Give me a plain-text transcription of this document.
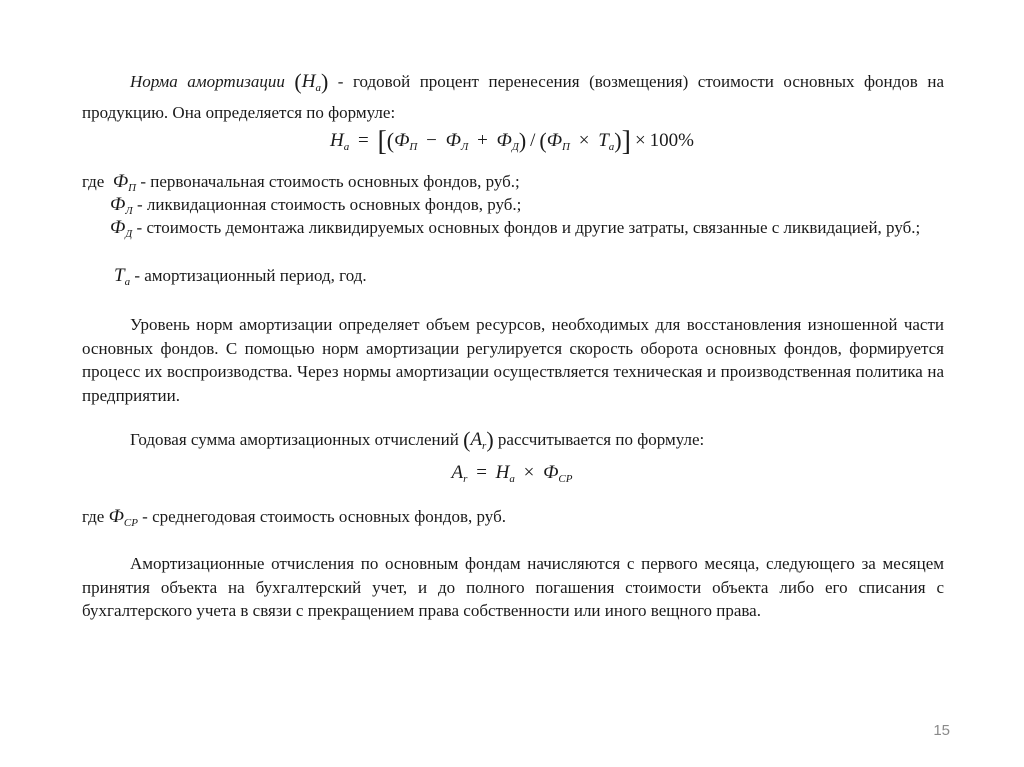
Норма амортизации $(H_а)$ - годовой процент перенесения (возмещения) стоимости основных фондов на продукцию. Она определяется по формуле:
$H_а = [(Ф_П - Ф_Л + Ф_Д) / (Ф_П \times T_а)] \times 100\%$
где $Ф_П$ - первоначальная стоимость основных фондов, руб.;
$Ф_Л$ - ликвидационная стоимость основных фондов, руб.;
$Ф_Д$ - стоимость демонтажа ликвидируемых основных фондов и другие затраты, связанные с ликвидацией, руб.;
$T_а$ - амортизационный период, год.
Уровень норм амортизации определяет объем ресурсов, необходимых для восстановления изношенной части основных фондов. С помощью норм амортизации регулируется скорость оборота основных фондов, формируется процесс их воспроизводства. Через нормы амортизации осуществляется техническая и производственная политика на предприятии.
Годовая сумма амортизационных отчислений $(A_r)$ рассчитывается по формуле:
$A_r = H_а \times Ф_{СР}$
где $Ф_{СР}$ - среднегодовая стоимость основных фондов, руб.
Амортизационные отчисления по основным фондам начисляются с первого месяца, следующего за месяцем принятия объекта на бухгалтерский учет, и до полного погашения стоимости объекта либо его списания с бухгалтерского учета в связи с прекращением права собственности или иного вещного права.
15
